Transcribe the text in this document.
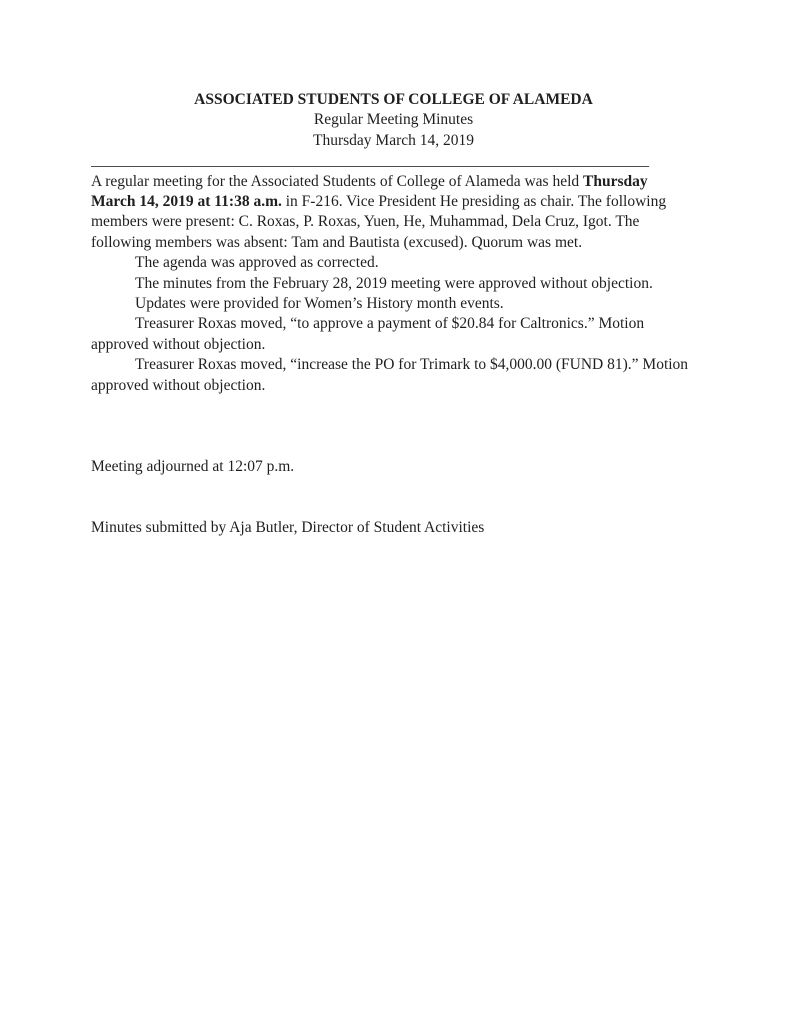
ASSOCIATED STUDENTS OF COLLEGE OF ALAMEDA
Regular Meeting Minutes
Thursday March 14, 2019
________________________________________________________________________
A regular meeting for the Associated Students of College of Alameda was held Thursday
March 14, 2019 at 11:38 a.m. in F-216. Vice President He presiding as chair. The following
members were present: C. Roxas, P. Roxas, Yuen, He, Muhammad, Dela Cruz, Igot. The
following members was absent: Tam and Bautista (excused). Quorum was met.
The agenda was approved as corrected.
The minutes from the February 28, 2019 meeting were approved without objection.
Updates were provided for Women’s History month events.
Treasurer Roxas moved, “to approve a payment of $20.84 for Caltronics.” Motion
approved without objection.
Treasurer Roxas moved, “increase the PO for Trimark to $4,000.00 (FUND 81).” Motion
approved without objection.
Meeting adjourned at 12:07 p.m.
Minutes submitted by Aja Butler, Director of Student Activities
